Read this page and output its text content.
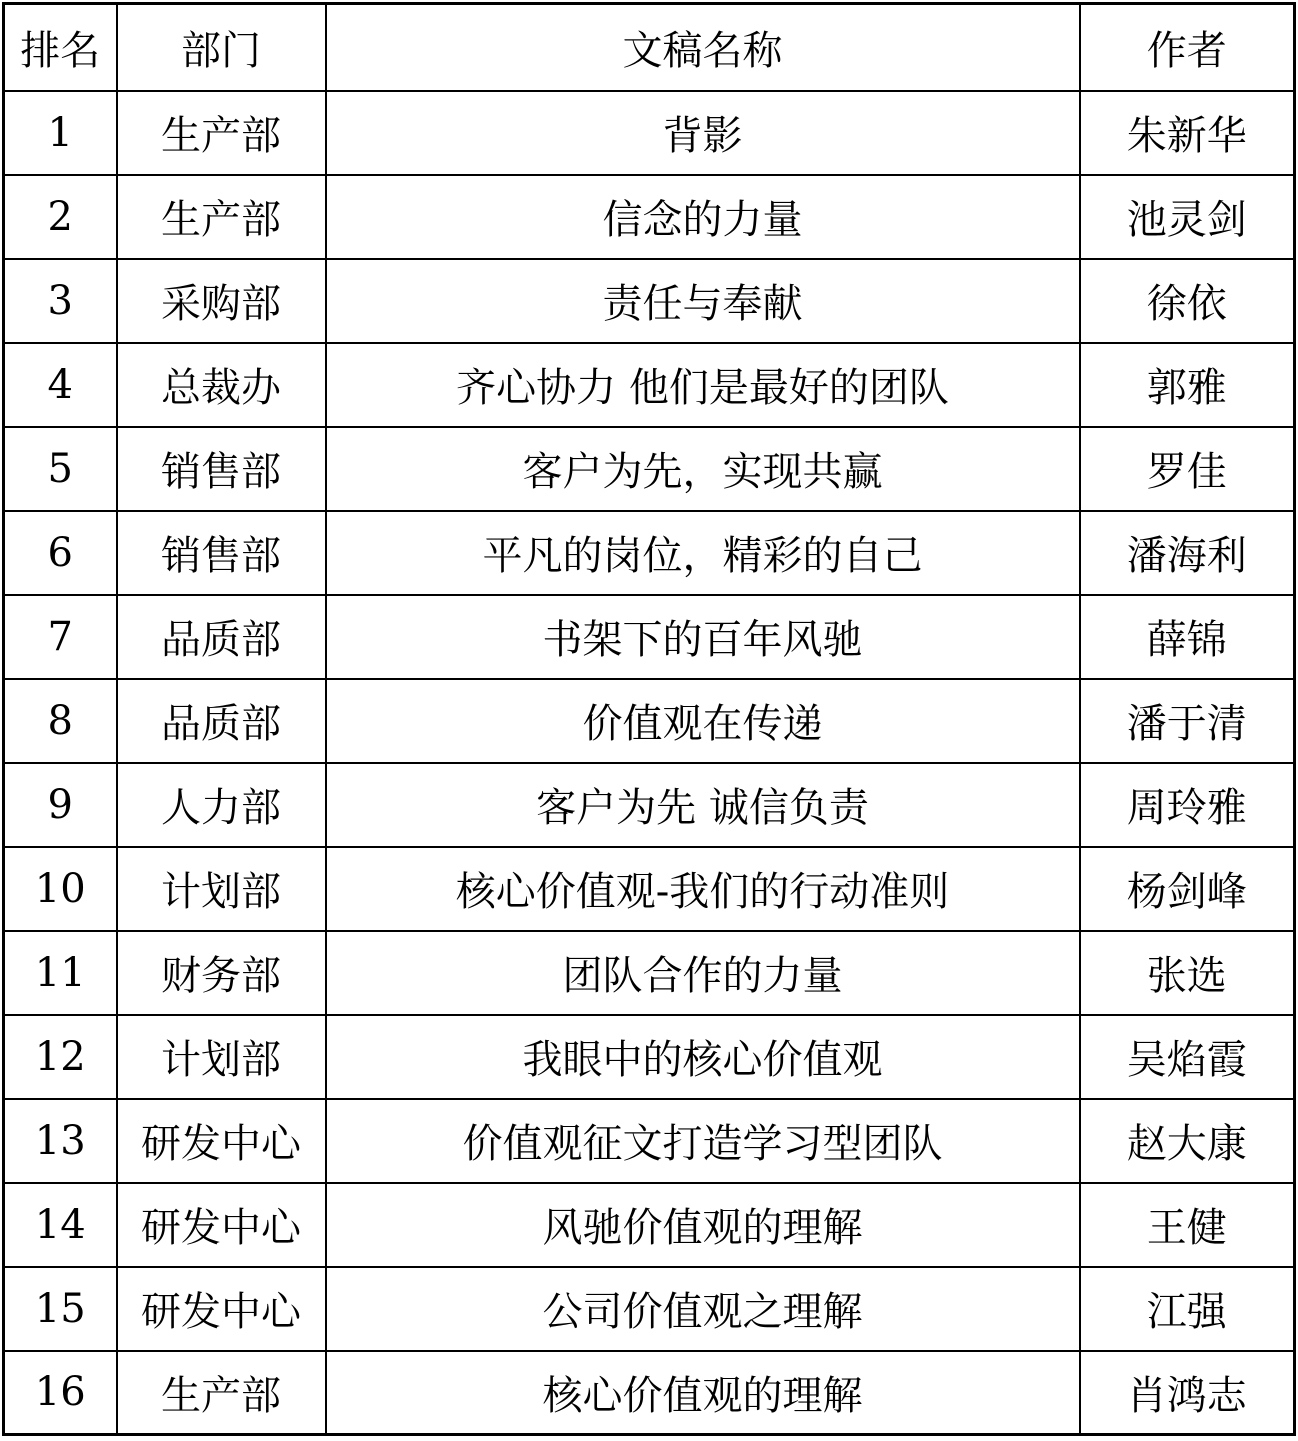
排名	部门	文稿名称	作者
1	生产部	背影	朱新华
2	生产部	信念的力量	池灵剑
3	采购部	责任与奉献	徐依
4	总裁办	齐心协力 他们是最好的团队	郭雅
5	销售部	客户为先，实现共赢	罗佳
6	销售部	平凡的岗位，精彩的自己	潘海利
7	品质部	书架下的百年风驰	薛锦
8	品质部	价值观在传递	潘于清
9	人力部	客户为先 诚信负责	周玲雅
10	计划部	核心价值观-我们的行动准则	杨剑峰
11	财务部	团队合作的力量	张选
12	计划部	我眼中的核心价值观	吴焰霞
13	研发中心	价值观征文打造学习型团队	赵大康
14	研发中心	风驰价值观的理解	王健
15	研发中心	公司价值观之理解	江强
16	生产部	核心价值观的理解	肖鸿志
